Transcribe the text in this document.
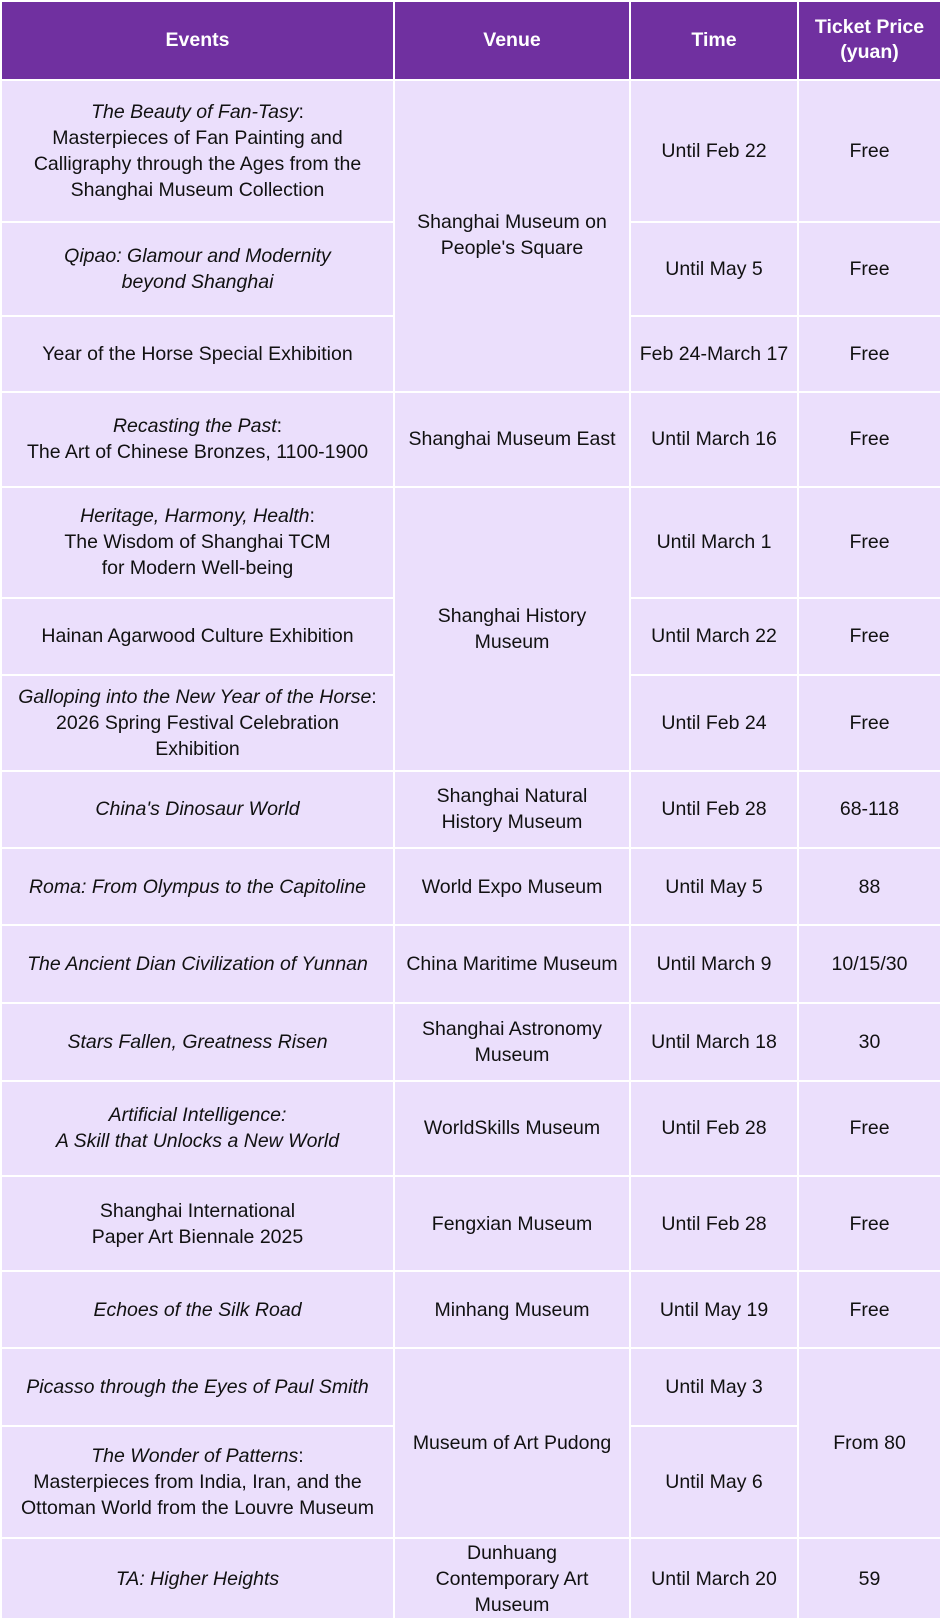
Events	Venue	Time	Ticket Price
(yuan)

The Beauty of Fan-Tasy:
Masterpieces of Fan Painting and
Calligraphy through the Ages from the
Shanghai Museum Collection	Shanghai Museum on
People's Square	Until Feb 22	Free

Qipao: Glamour and Modernity
beyond Shanghai		Until May 5	Free
Year of the Horse Special Exhibition		Feb 24-March 17	Free

Recasting the Past:
The Art of Chinese Bronzes, 1100-1900	Shanghai Museum East	Until March 16	Free

Heritage, Harmony, Health:
The Wisdom of Shanghai TCM
for Modern Well-being	Shanghai History
Museum	Until March 1	Free
Hainan Agarwood Culture Exhibition		Until March 22	Free

Galloping into the New Year of the Horse:
2026 Spring Festival Celebration
Exhibition		Until Feb 24	Free
China's Dinosaur World	Shanghai Natural
History Museum	Until Feb 28	68-118
Roma: From Olympus to the Capitoline	World Expo Museum	Until May 5	88
The Ancient Dian Civilization of Yunnan	China Maritime Museum	Until March 9	10/15/30
Stars Fallen, Greatness Risen	Shanghai Astronomy
Museum	Until March 18	30

Artificial Intelligence:
A Skill that Unlocks a New World	WorldSkills Museum	Until Feb 28	Free

Shanghai International
Paper Art Biennale 2025	Fengxian Museum	Until Feb 28	Free
Echoes of the Silk Road	Minhang Museum	Until May 19	Free
Picasso through the Eyes of Paul Smith	Museum of Art Pudong	Until May 3	From 80

The Wonder of Patterns:
Masterpieces from India, Iran, and the
Ottoman World from the Louvre Museum		Until May 6	
TA: Higher Heights	Dunhuang
Contemporary Art
Museum	Until March 20	59
